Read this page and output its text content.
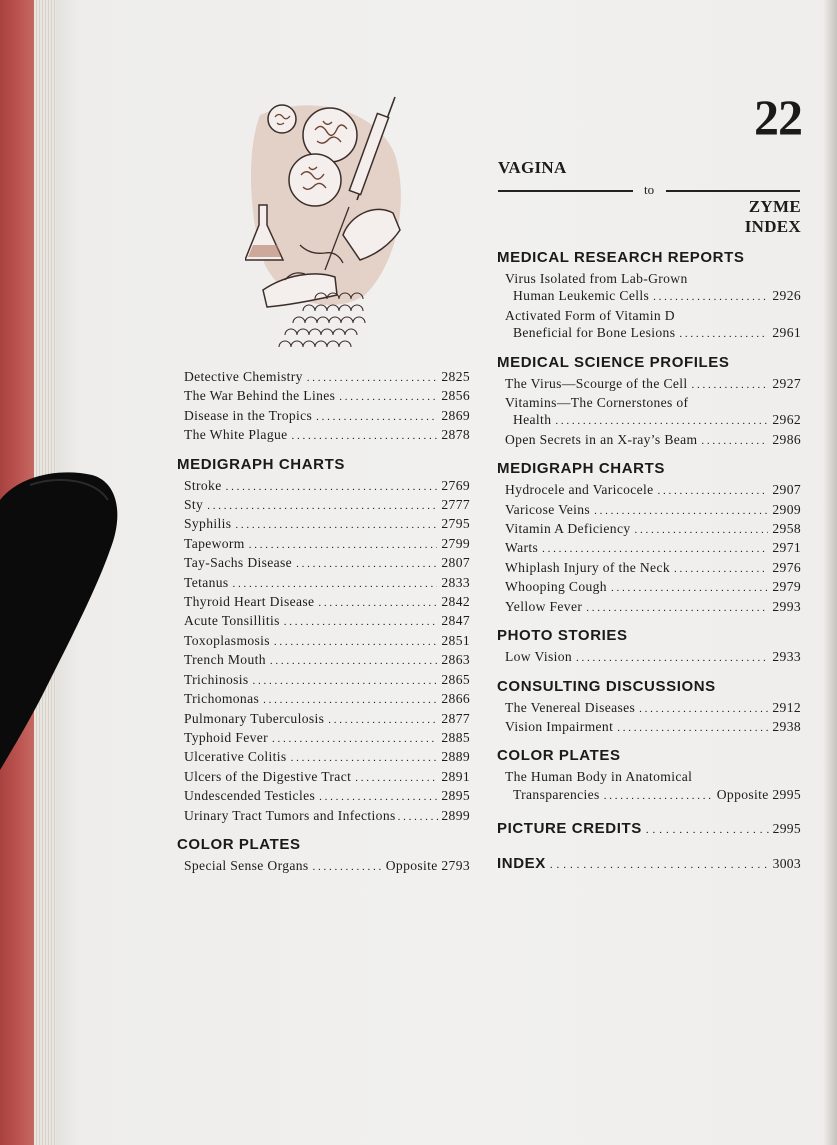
22
VAGINA
to
ZYME
INDEX
Detective Chemistry . . .	2825
The War Behind the Lines . . .	2856
Disease in the Tropics . . .	2869
The White Plague . . .	2878
MEDIGRAPH CHARTS
Stroke . . .	2769
Sty . . .	2777
Syphilis . . .	2795
Tapeworm . . .	2799
Tay-Sachs Disease . . .	2807
Tetanus . . .	2833
Thyroid Heart Disease . . .	2842
Acute Tonsillitis . . .	2847
Toxoplasmosis . . .	2851
Trench Mouth . . .	2863
Trichinosis . . .	2865
Trichomonas . . .	2866
Pulmonary Tuberculosis . . .	2877
Typhoid Fever . . .	2885
Ulcerative Colitis . . .	2889
Ulcers of the Digestive Tract . . .	2891
Undescended Testicles . . .	2895
Urinary Tract Tumors and Infections . . .	2899
COLOR PLATES
Special Sense Organs . . .	Opposite 2793
MEDICAL RESEARCH REPORTS
Virus Isolated from Lab-Grown
Human Leukemic Cells . . .	2926
Activated Form of Vitamin D
Beneficial for Bone Lesions . . .	2961
MEDICAL SCIENCE PROFILES
The Virus—Scourge of the Cell . . .	2927
Vitamins—The Cornerstones of
Health . . .	2962
Open Secrets in an X-ray’s Beam . . .	2986
MEDIGRAPH CHARTS
Hydrocele and Varicocele . . .	2907
Varicose Veins . . .	2909
Vitamin A Deficiency . . .	2958
Warts . . .	2971
Whiplash Injury of the Neck . . .	2976
Whooping Cough . . .	2979
Yellow Fever . . .	2993
PHOTO STORIES
Low Vision . . .	2933
CONSULTING DISCUSSIONS
The Venereal Diseases . . .	2912
Vision Impairment . . .	2938
COLOR PLATES
The Human Body in Anatomical
Transparencies . . .	Opposite 2995
PICTURE CREDITS . . .	2995
INDEX . . .	3003
